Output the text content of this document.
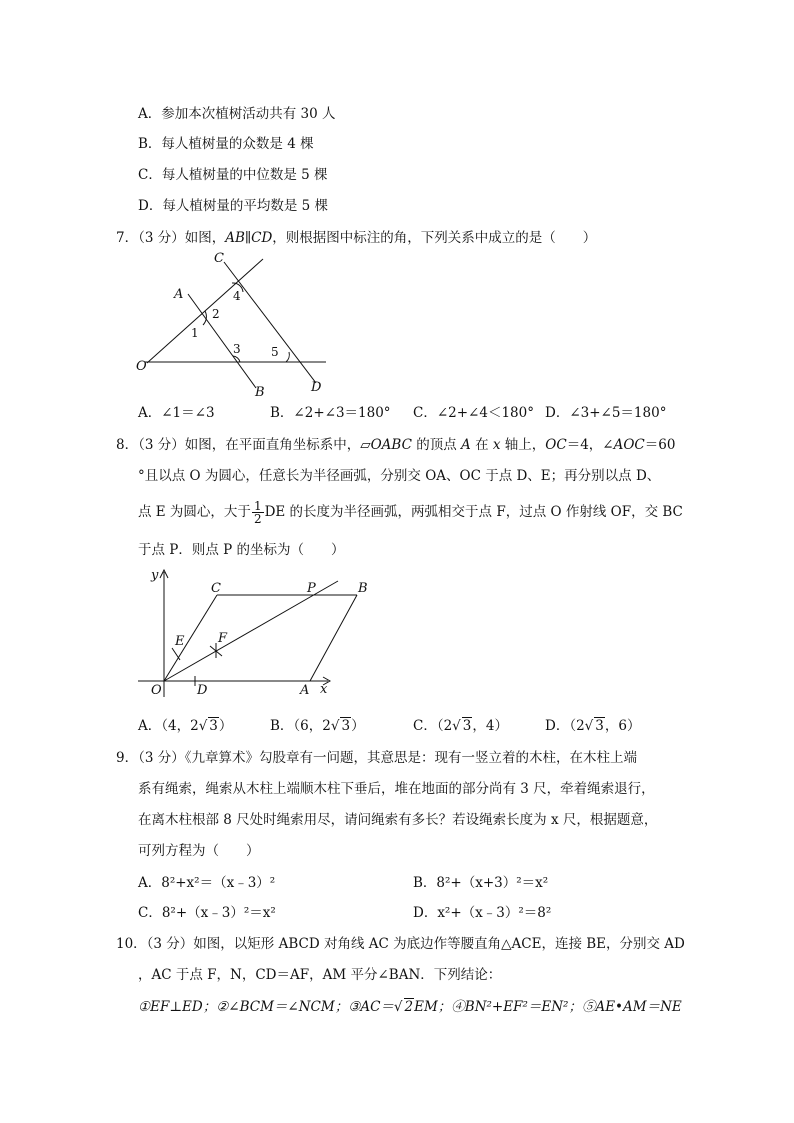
A．参加本次植树活动共有 30 人
B．每人植树量的众数是 4 棵
C．每人植树量的中位数是 5 棵
D．每人植树量的平均数是 5 棵
7．（3 分）如图，AB∥CD，则根据图中标注的角，下列关系中成立的是（　　）
C
A
O
B	D
1
2
3
4
5
A．∠1＝∠3	B．∠2+∠3＝180° C．∠2+∠4＜180° D．∠3+∠5＝180°
8．（3 分）如图，在平面直角坐标系中，▱OABC 的顶点 A 在 x 轴上，OC＝4，∠AOC＝60
°且以点 O 为圆心，任意长为半径画弧，分别交 OA、OC 于点 D、E；再分别以点 D、
点 E 为圆心，大于 $\frac{1}{2}$ DE 的长度为半径画弧，两弧相交于点 F，过点 O 作射线 OF，交 BC
于点 P．则点 P 的坐标为（　　）
y
x
C	P	B
E	F
O	D	A
A．（4，2√ 3）	B．（6，2√ 3）	C．（2√ 3，4）	D．（2√ 3，6）
9．（3 分）《九章算术》勾股章有一问题，其意思是：现有一竖立着的木柱，在木柱上端
系有绳索，绳索从木柱上端顺木柱下垂后，堆在地面的部分尚有 3 尺，牵着绳索退行，
在离木柱根部 8 尺处时绳索用尽，请问绳索有多长？若设绳索长度为 x 尺，根据题意，
可列方程为（　　）
A．8²+x²＝（x﹣3）²	B．8²+（x+3）²＝x²
C．8²+（x﹣3）²＝x²	D．x²+（x﹣3）²＝8²
10．（3 分）如图，以矩形 ABCD 对角线 AC 为底边作等腰直角△ACE，连接 BE，分别交 AD
，AC 于点 F，N，CD＝AF，AM 平分∠BAN．下列结论：
①EF⊥ED；②∠BCM＝∠NCM；③AC＝√ 2EM；④BN²+EF²＝EN²；⑤AE•AM＝NE
